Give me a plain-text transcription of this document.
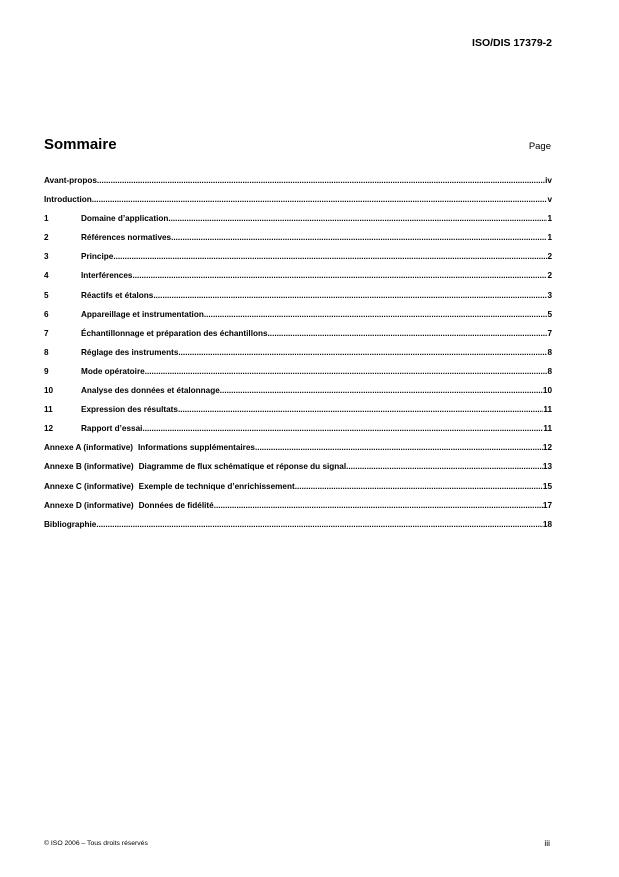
ISO/DIS 17379-2
Sommaire	Page
Avant-propos .....	iv
Introduction .....	v
1	Domaine d’application .....	1
2	Références normatives .....	1
3	Principe .....	2
4	Interférences .....	2
5	Réactifs et étalons .....	3
6	Appareillage et instrumentation .....	5
7	Échantillonnage et préparation des échantillons .....	7
8	Réglage des instruments .....	8
9	Mode opératoire .....	8
10	Analyse des données et étalonnage .....	10
11	Expression des résultats .....	11
12	Rapport d’essai .....	11
Annexe A (informative) Informations supplémentaires .....	12
Annexe B (informative) Diagramme de flux schématique et réponse du signal .....	13
Annexe C (informative) Exemple de technique d’enrichissement .....	15
Annexe D (informative) Données de fidélité .....	17
Bibliographie .....	18
© ISO 2006 – Tous droits réservés	iii
